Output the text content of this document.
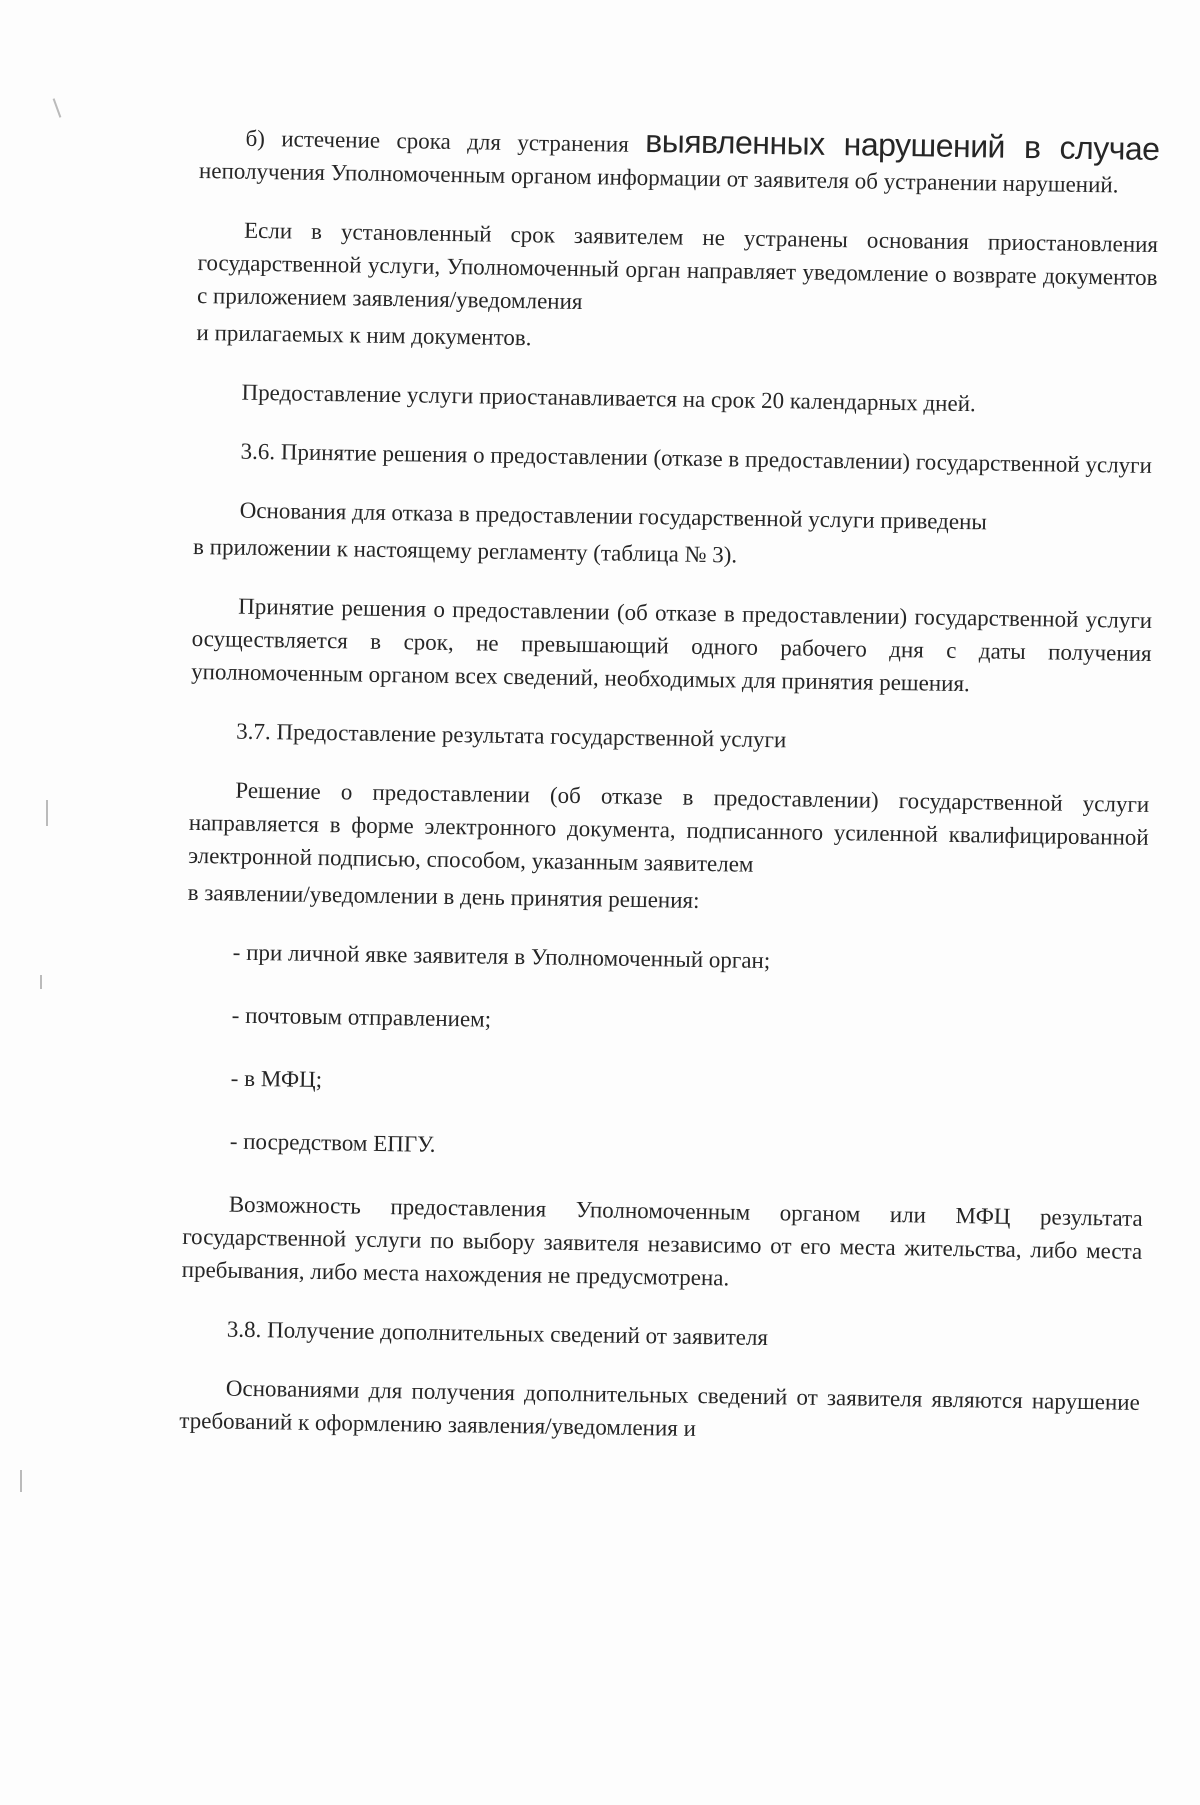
б) истечение срока для устранения выявленных нарушений в случае неполучения Уполномоченным органом информации от заявителя об устранении нарушений.

Если в установленный срок заявителем не устранены основания приостановления государственной услуги, Уполномоченный орган направляет уведомление о возврате документов с приложением заявления/уведомления

и прилагаемых к ним документов.

Предоставление услуги приостанавливается на срок 20 календарных дней.

3.6. Принятие решения о предоставлении (отказе в предоставлении) государственной услуги

Основания для отказа в предоставлении государственной услуги приведены

в приложении к настоящему регламенту (таблица № 3).

Принятие решения о предоставлении (об отказе в предоставлении) государственной услуги осуществляется в срок, не превышающий одного рабочего дня с даты получения уполномоченным органом всех сведений, необходимых для принятия решения.

3.7. Предоставление результата государственной услуги

Решение о предоставлении (об отказе в предоставлении) государственной услуги направляется в форме электронного документа, подписанного усиленной квалифицированной электронной подписью, способом, указанным заявителем

в заявлении/уведомлении в день принятия решения:

- при личной явке заявителя в Уполномоченный орган;

- почтовым отправлением;

- в МФЦ;

- посредством ЕПГУ.

Возможность предоставления Уполномоченным органом или МФЦ результата государственной услуги по выбору заявителя независимо от его места жительства, либо места пребывания, либо места нахождения не предусмотрена.

3.8. Получение дополнительных сведений от заявителя

Основаниями для получения дополнительных сведений от заявителя являются нарушение требований к оформлению заявления/уведомления и
